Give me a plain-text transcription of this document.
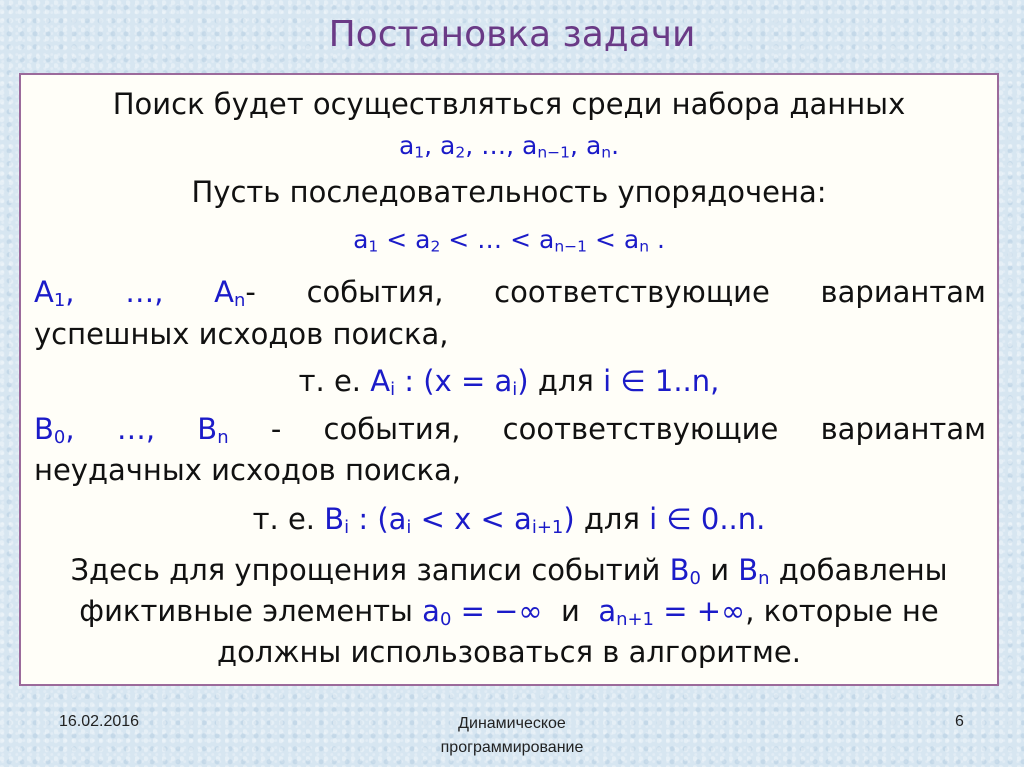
Постановка задачи
Поиск будет осуществляться среди набора данных
$a_1$, $a_2$, …, $a_{n-1}$, $a_n$.
Пусть последовательность упорядочена:
$a_1 < a_2$ < … < $a_{n-1} < a_n$ .
$A_1$, …, $A_n-$ события, соответствующие вариантам
успешных исходов поиска,
т. е. $A_i$ : $(x = a_i)$ для i ∈ 1..n,
$B_0$, …, $B_n$ - события, соответствующие вариантам
неудачных исходов поиска,
т. е. $B_i$ : $(a_i < x < a_{i+1})$ для i ∈ 0..n.
Здесь для упрощения записи событий $B_0$ и $B_n$ добавлены
фиктивные элементы $a_0$ = −∞ и $a_{n+1}$ = +∞, которые не
должны использоваться в алгоритме.
16.02.2016	Динамическое
программирование
6
